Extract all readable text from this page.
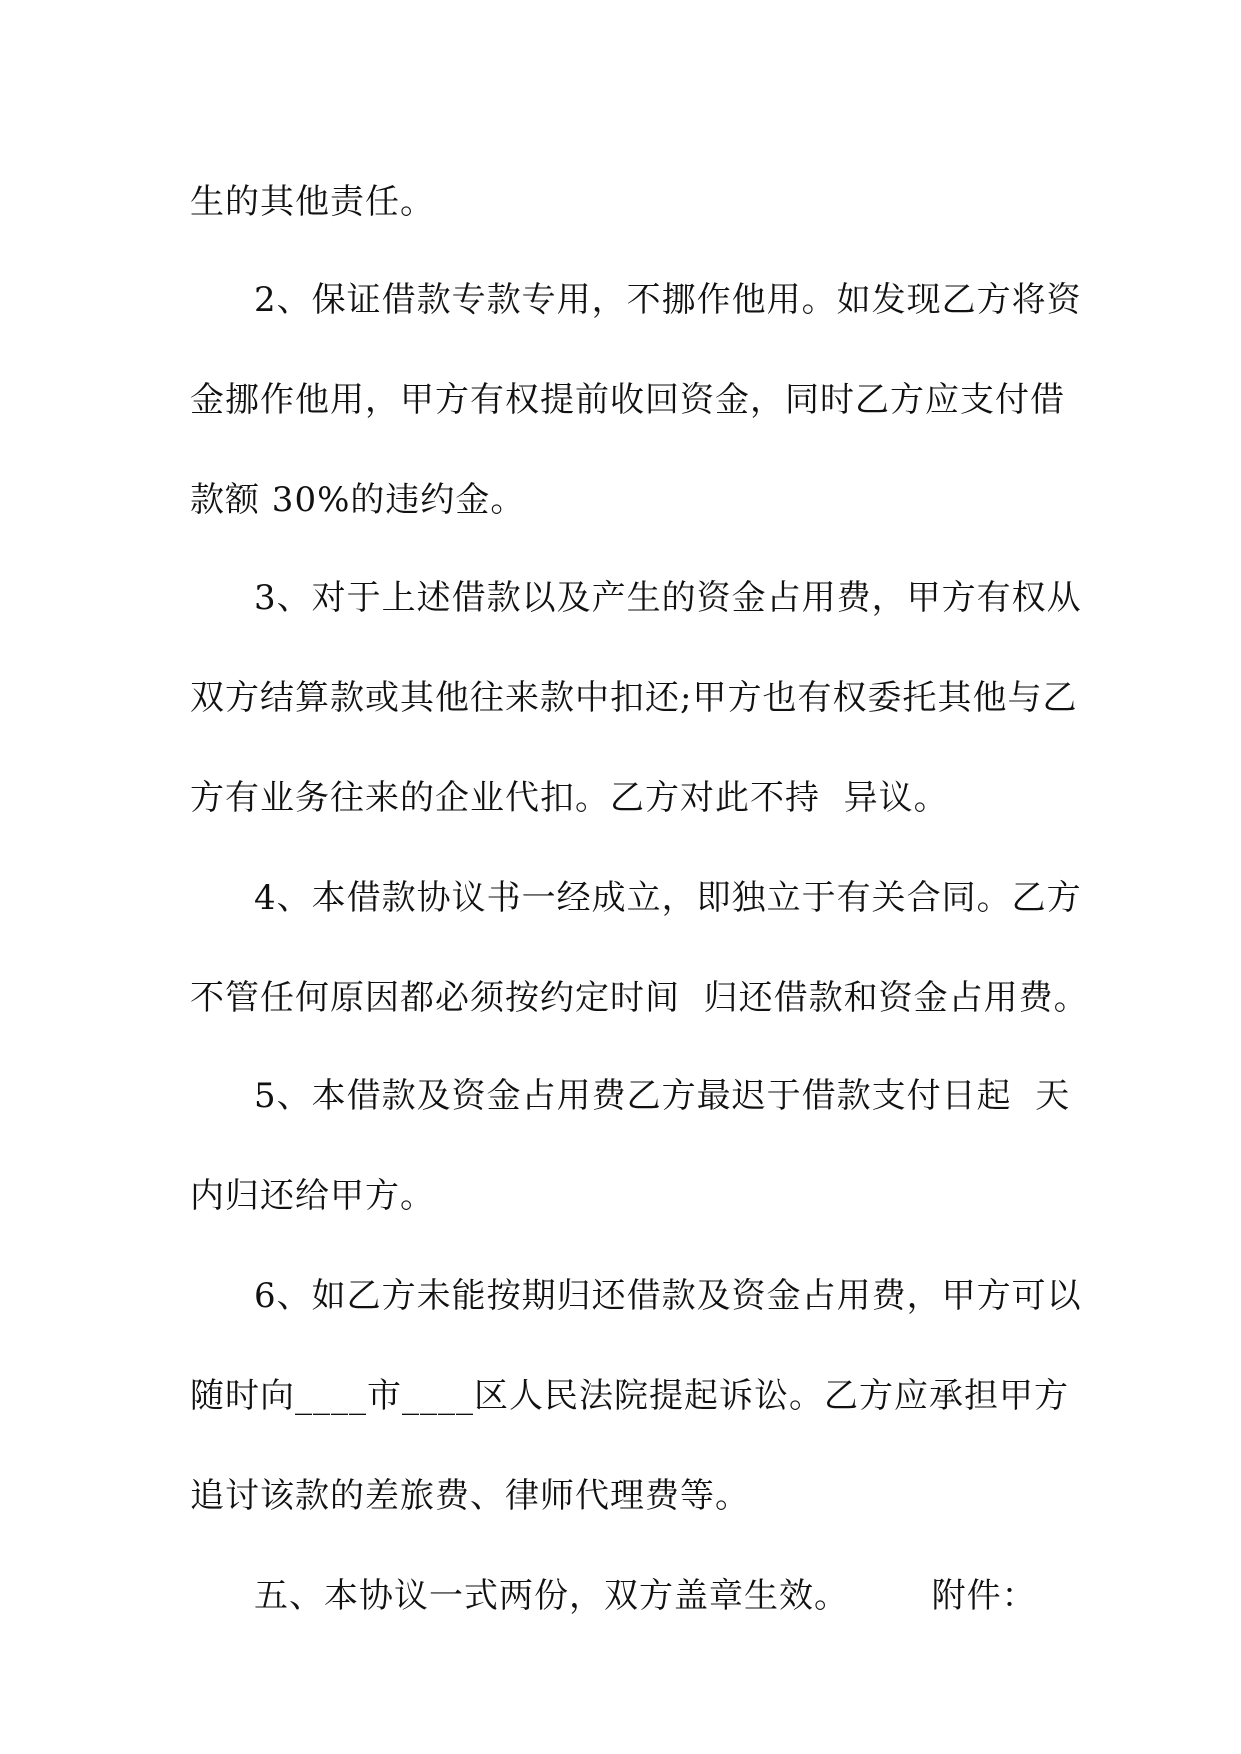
生的其他责任。
2、保证借款专款专用，不挪作他用。如发现乙方将资
金挪作他用，甲方有权提前收回资金，同时乙方应支付借
款额 30%的违约金。
3、对于上述借款以及产生的资金占用费，甲方有权从
双方结算款或其他往来款中扣还;甲方也有权委托其他与乙
方有业务往来的企业代扣。乙方对此不持  异议。
4、本借款协议书一经成立，即独立于有关合同。乙方
不管任何原因都必须按约定时间  归还借款和资金占用费。
5、本借款及资金占用费乙方最迟于借款支付日起  天
内归还给甲方。
6、如乙方未能按期归还借款及资金占用费，甲方可以
随时向____市____区人民法院提起诉讼。乙方应承担甲方
追讨该款的差旅费、律师代理费等。
五、本协议一式两份，双方盖章生效。       附件：
